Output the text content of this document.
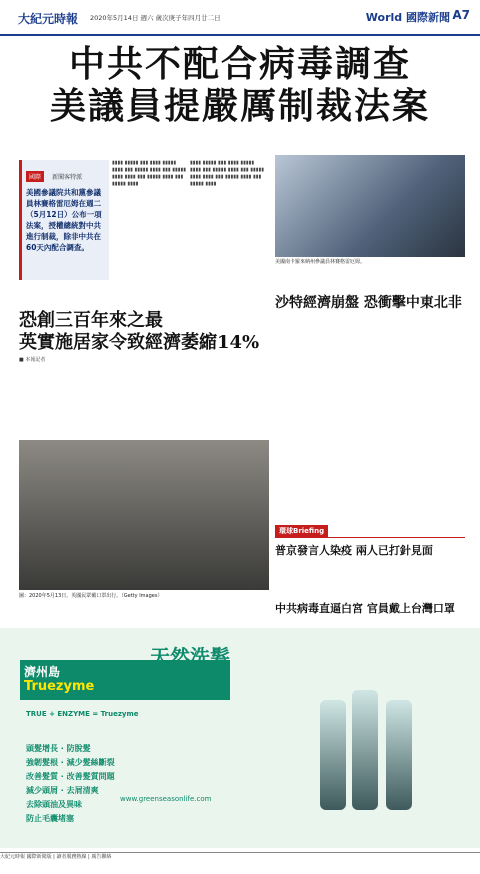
大紀元時報 2020年5月14日 週六 歲次庚子年四月廿二日	World 國際新聞 A7
中共不配合病毒調查
美議員提嚴厲制裁法案
國際 新聞客特派
美國參議院共和黨參議員林賽格雷厄姆在週二（5月12日）公布一項法案，授權總統對中共進行制裁，除非中共在60天內配合調查。
▮▮▮▮ ▮▮▮▮▮ ▮▮▮ ▮▮▮▮ ▮▮▮▮▮ ▮▮▮▮ ▮▮▮ ▮▮▮▮▮ ▮▮▮▮ ▮▮▮ ▮▮▮▮▮ ▮▮▮▮ ▮▮▮▮ ▮▮▮ ▮▮▮▮▮ ▮▮▮▮ ▮▮▮ ▮▮▮▮▮ ▮▮▮▮
▮▮▮▮ ▮▮▮▮▮ ▮▮▮ ▮▮▮▮ ▮▮▮▮▮ ▮▮▮▮ ▮▮▮ ▮▮▮▮▮ ▮▮▮▮ ▮▮▮ ▮▮▮▮▮ ▮▮▮▮ ▮▮▮▮ ▮▮▮ ▮▮▮▮▮ ▮▮▮▮ ▮▮▮ ▮▮▮▮▮ ▮▮▮▮
美國南卡羅來納州參議員林賽格雷厄姆。
沙特經濟崩盤 恐衝擊中東北非
恐創三百年來之最
英實施居家令致經濟萎縮14%
■ 本報記者
圖：2020年5月13日，英國民眾戴口罩出行。（Getty Images）
環球Briefing
普京發言人染疫 兩人已打針見面
中共病毒直逼白宮 官員戴上台灣口罩
濟州島
Truezyme
天然洗髮
發酵液
TRUE + ENZYME = Truezyme
頭髮增長 · 防脫髮
強韌髮根 · 減少髮絲斷裂
改善髮質 · 改善髮質問題
減少頭屑 · 去屑清爽
去除頭油及異味
防止毛囊堵塞
www.greenseasonlife.com
大紀元時報 國際新聞版 | 讀者服務熱線 | 廣告聯絡
